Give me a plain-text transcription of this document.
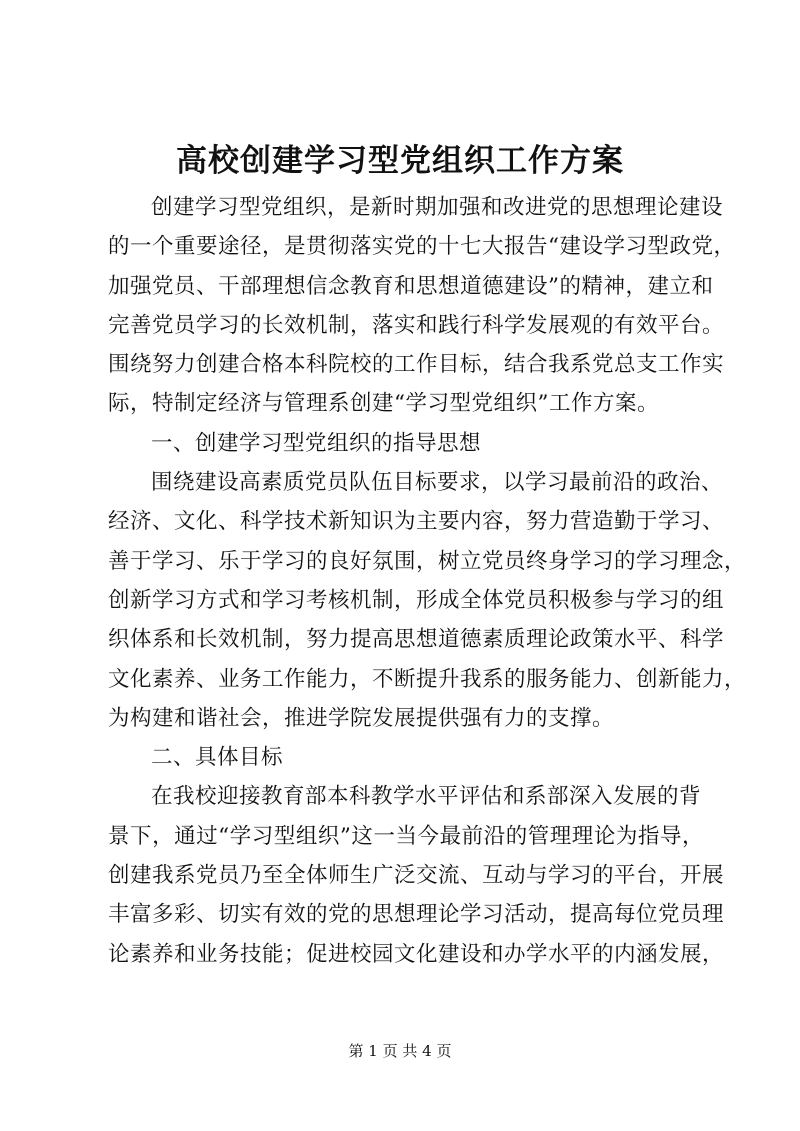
高校创建学习型党组织工作方案
创建学习型党组织，是新时期加强和改进党的思想理论建设
的一个重要途径，是贯彻落实党的十七大报告“建设学习型政党，
加强党员、干部理想信念教育和思想道德建设”的精神，建立和
完善党员学习的长效机制，落实和践行科学发展观的有效平台。
围绕努力创建合格本科院校的工作目标，结合我系党总支工作实
际，特制定经济与管理系创建“学习型党组织”工作方案。
一、创建学习型党组织的指导思想
围绕建设高素质党员队伍目标要求，以学习最前沿的政治、
经济、文化、科学技术新知识为主要内容，努力营造勤于学习、
善于学习、乐于学习的良好氛围，树立党员终身学习的学习理念，
创新学习方式和学习考核机制，形成全体党员积极参与学习的组
织体系和长效机制，努力提高思想道德素质理论政策水平、科学
文化素养、业务工作能力，不断提升我系的服务能力、创新能力，
为构建和谐社会，推进学院发展提供强有力的支撑。
二、具体目标
在我校迎接教育部本科教学水平评估和系部深入发展的背
景下，通过“学习型组织”这一当今最前沿的管理理论为指导，
创建我系党员乃至全体师生广泛交流、互动与学习的平台，开展
丰富多彩、切实有效的党的思想理论学习活动，提高每位党员理
论素养和业务技能；促进校园文化建设和办学水平的内涵发展，
第 1 页 共 4 页
